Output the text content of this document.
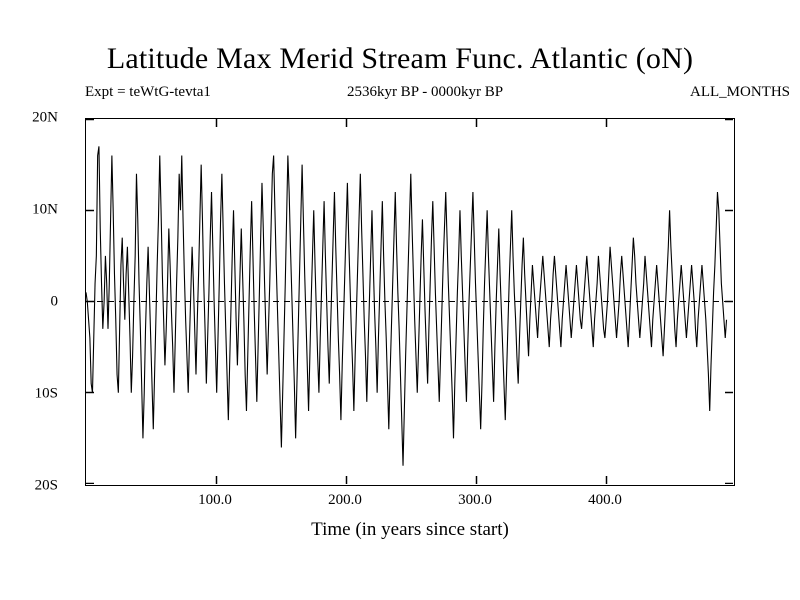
Latitude Max Merid Stream Func. Atlantic (oN)
Expt = teWtG-tevta1	2536kyr BP - 0000kyr BP	ALL_MONTHS
20N
10N
0
10S
20S
100.0	200.0	300.0	400.0
Time (in years since start)
